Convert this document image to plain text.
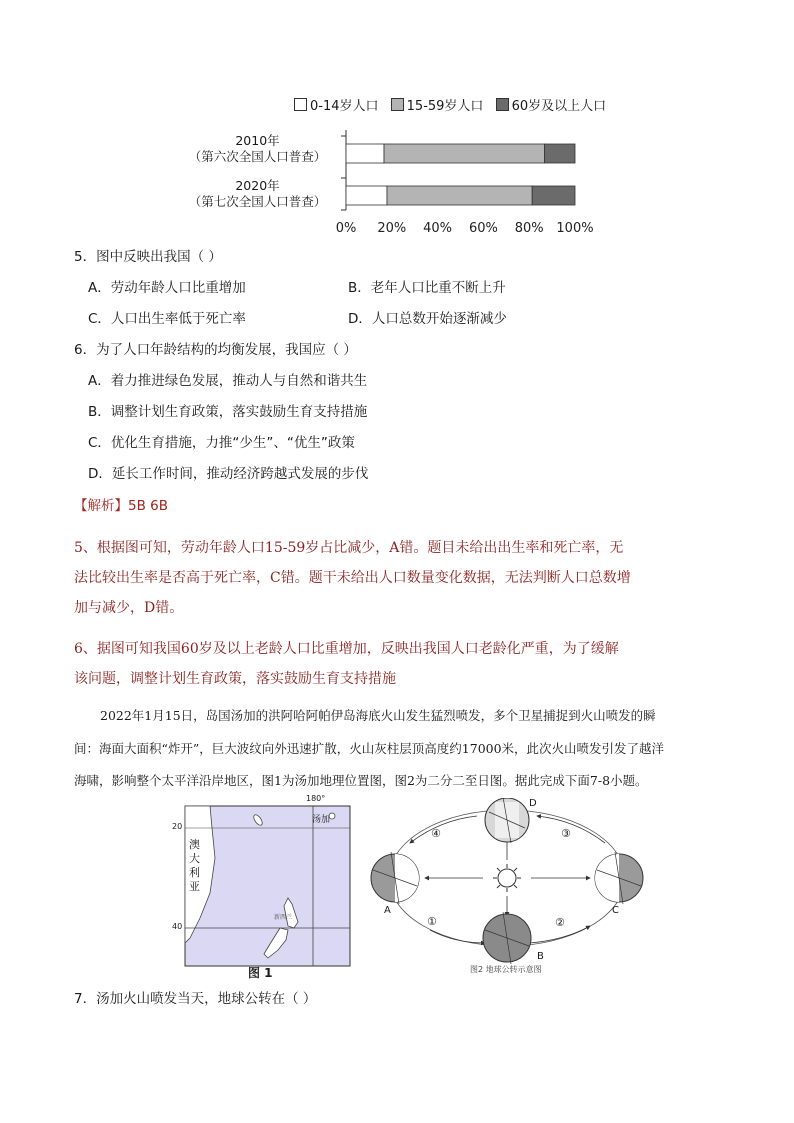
0-14岁人口 15-59岁人口 60岁及以上人口
2010年
（第六次全国人口普查）
2020年
（第七次全国人口普查）
0% 20% 40% 60% 80% 100%
5．图中反映出我国（ ）
A．劳动年龄人口比重增加	B．老年人口比重不断上升
C．人口出生率低于死亡率	D．人口总数开始逐渐减少
6．为了人口年龄结构的均衡发展，我国应（ ）
A．着力推进绿色发展，推动人与自然和谐共生
B．调整计划生育政策，落实鼓励生育支持措施
C．优化生育措施，力推“少生”、“优生”政策
D．延长工作时间，推动经济跨越式发展的步伐
【解析】5B 6B
5、根据图可知，劳动年龄人口15-59岁占比减少，A错。题目未给出出生率和死亡率，无
法比较出生率是否高于死亡率，C错。题干未给出人口数量变化数据，无法判断人口总数增
加与减少，D错。
6、据图可知我国60岁及以上老龄人口比重增加，反映出我国人口老龄化严重，为了缓解
该问题，调整计划生育政策，落实鼓励生育支持措施
2022年1月15日，岛国汤加的洪阿哈阿帕伊岛海底火山发生猛烈喷发，多个卫星捕捉到火山喷发的瞬
间：海面大面积“炸开”，巨大波纹向外迅速扩散，火山灰柱层顶高度约17000米，此次火山喷发引发了越洋
海啸，影响整个太平洋沿岸地区，图1为汤加地理位置图，图2为二分二至日图。据此完成下面7-8小题。
180°
20
40
澳大利亚
汤加
新西兰
图 1
A
B
C
D
①	②
③
④
图2 地球公转示意图
7．汤加火山喷发当天，地球公转在（ ）
